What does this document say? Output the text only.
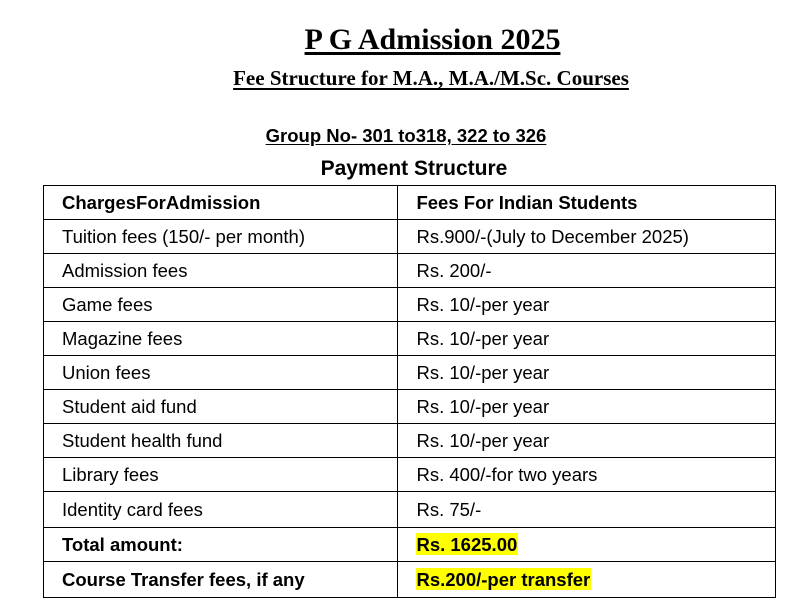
P G Admission 2025
Fee Structure for M.A., M.A./M.Sc. Courses
Group No- 301 to318, 322 to 326
Payment Structure
ChargesForAdmission	Fees For Indian Students
Tuition fees (150/- per month)	Rs.900/-(July to December 2025)
Admission fees	Rs. 200/-
Game fees	Rs. 10/-per year
Magazine fees	Rs. 10/-per year
Union fees	Rs. 10/-per year
Student aid fund	Rs. 10/-per year
Student health fund	Rs. 10/-per year
Library fees	Rs. 400/-for two years
Identity card fees	Rs. 75/-
Total amount:	Rs. 1625.00
Course Transfer fees, if any	Rs.200/-per transfer
